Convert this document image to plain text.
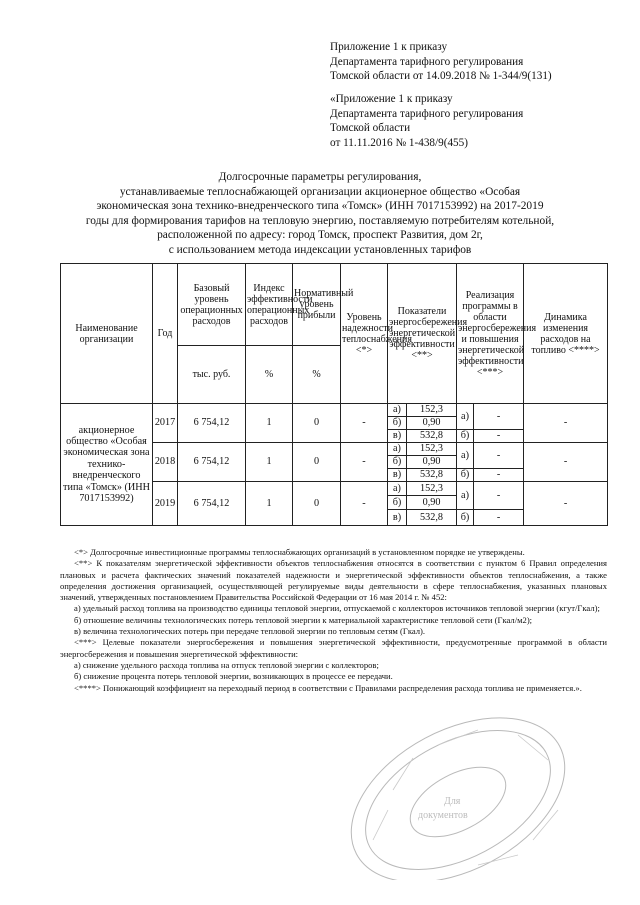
Приложение 1 к приказу
Департамента тарифного регулирования
Томской области от 14.09.2018 № 1-344/9(131)
«Приложение 1 к приказу
Департамента тарифного регулирования
Томской области
от 11.11.2016 № 1-438/9(455)
Долгосрочные параметры регулирования,
устанавливаемые теплоснабжающей организации акционерное общество «Особая
экономическая зона технико-внедренческого типа «Томск» (ИНН 7017153992) на 2017-2019
годы для формирования тарифов на тепловую энергию, поставляемую потребителям котельной,
расположенной по адресу: город Томск, проспект Развития, дом 2г,
с использованием метода индексации установленных тарифов
Наименование организации	Год	Базовый уровень операционных расходов	Индекс эффективности операционных расходов	Нормативный уровень прибыли	Уровень надежности теплоснабжения <*>	Показатели энергосбережения энергетической эффективности <**>		Реализация программы в области энергосбережения и повышения энергетической эффективности <***>		Динамика изменения расходов на топливо <****>
		тыс. руб.	%	%						
акционерное общество «Особая экономическая зона технико-внедренческого типа «Томск» (ИНН 7017153992)	2017	6 754,12	1	0	-	а)	152,3	а)	-	-
						б)	0,90			
						в)	532,8	б)	-	
	2018	6 754,12	1	0	-	а)	152,3	а)	-	-
						б)	0,90			
						в)	532,8	б)	-	
	2019	6 754,12	1	0	-	а)	152,3	а)	-	-
						б)	0,90			
						в)	532,8	б)	-	

<*> Долгосрочные инвестиционные программы теплоснабжающих организаций в установленном порядке не утверждены.

<**> К показателям энергетической эффективности объектов теплоснабжения относятся в соответствии с пунктом 6 Правил определения плановых и расчета фактических значений показателей надежности и энергетической эффективности объектов теплоснабжения, а также определения достижения организацией, осуществляющей регулируемые виды деятельности в сфере теплоснабжения, указанных плановых значений, утвержденных постановлением Правительства Российской Федерации от 16 мая 2014 г. № 452:

а) удельный расход топлива на производство единицы тепловой энергии, отпускаемой с коллекторов источников тепловой энергии (кгут/Гкал);

б) отношение величины технологических потерь тепловой энергии к материальной характеристике тепловой сети (Гкал/м2);

в) величина технологических потерь при передаче тепловой энергии по тепловым сетям (Гкал).

<***> Целевые показатели энергосбережения и повышения энергетической эффективности, предусмотренные программой в области энергосбережения и повышения энергетической эффективности:

а) снижение удельного расхода топлива на отпуск тепловой энергии с коллекторов;

б) снижение процента потерь тепловой энергии, возникающих в процессе ее передачи.

<****> Понижающий коэффициент на переходный период в соответствии с Правилами распределения расхода топлива не применяется.».

Для
документов
